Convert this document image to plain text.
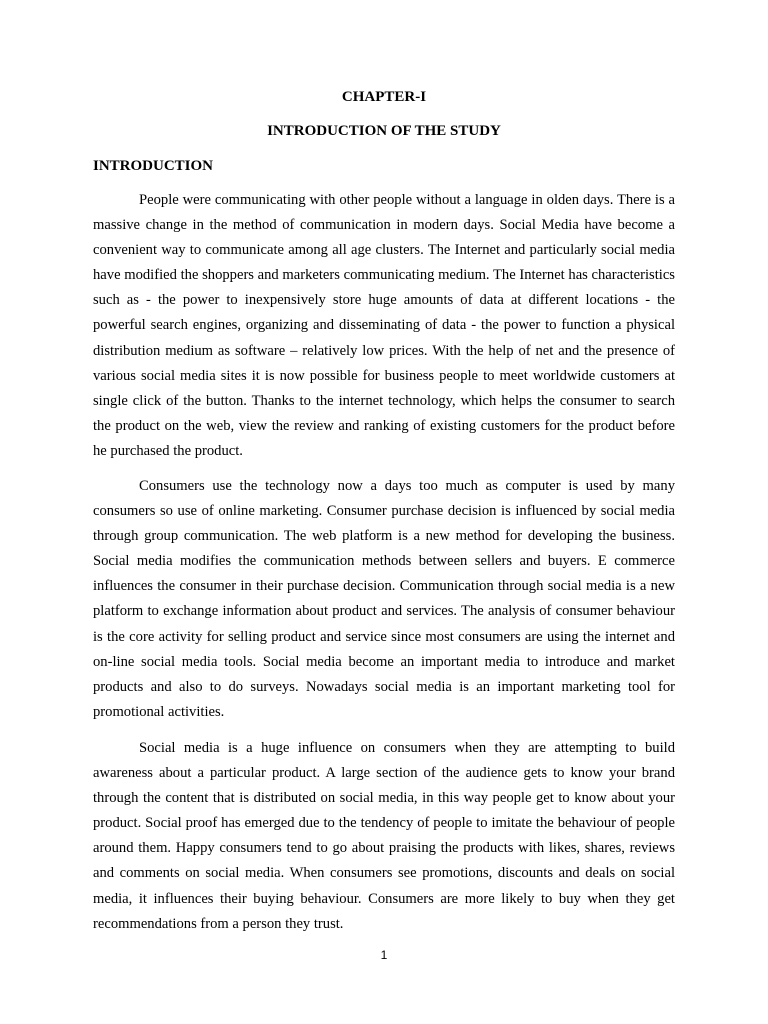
CHAPTER-I
INTRODUCTION OF THE STUDY
INTRODUCTION

People were communicating with other people without a language in olden days. There is a massive change in the method of communication in modern days. Social Media have become a convenient way to communicate among all age clusters. The Internet and particularly social media have modified the shoppers and marketers communicating medium. The Internet has characteristics such as - the power to inexpensively store huge amounts of data at different locations - the powerful search engines, organizing and disseminating of data - the power to function a physical distribution medium as software – relatively low prices. With the help of net and the presence of various social media sites it is now possible for business people to meet worldwide customers at single click of the button. Thanks to the internet technology, which helps the consumer to search the product on the web, view the review and ranking of existing customers for the product before he purchased the product.

Consumers use the technology now a days too much as computer is used by many consumers so use of online marketing. Consumer purchase decision is influenced by social media through group communication. The web platform is a new method for developing the business. Social media modifies the communication methods between sellers and buyers. E commerce influences the consumer in their purchase decision. Communication through social media is a new platform to exchange information about product and services. The analysis of consumer behaviour is the core activity for selling product and service since most consumers are using the internet and on-line social media tools. Social media become an important media to introduce and market products and also to do surveys. Nowadays social media is an important marketing tool for promotional activities.

Social media is a huge influence on consumers when they are attempting to build awareness about a particular product. A large section of the audience gets to know your brand through the content that is distributed on social media, in this way people get to know about your product. Social proof has emerged due to the tendency of people to imitate the behaviour of people around them. Happy consumers tend to go about praising the products with likes, shares, reviews and comments on social media. When consumers see promotions, discounts and deals on social media, it influences their buying behaviour. Consumers are more likely to buy when they get recommendations from a person they trust.

1
